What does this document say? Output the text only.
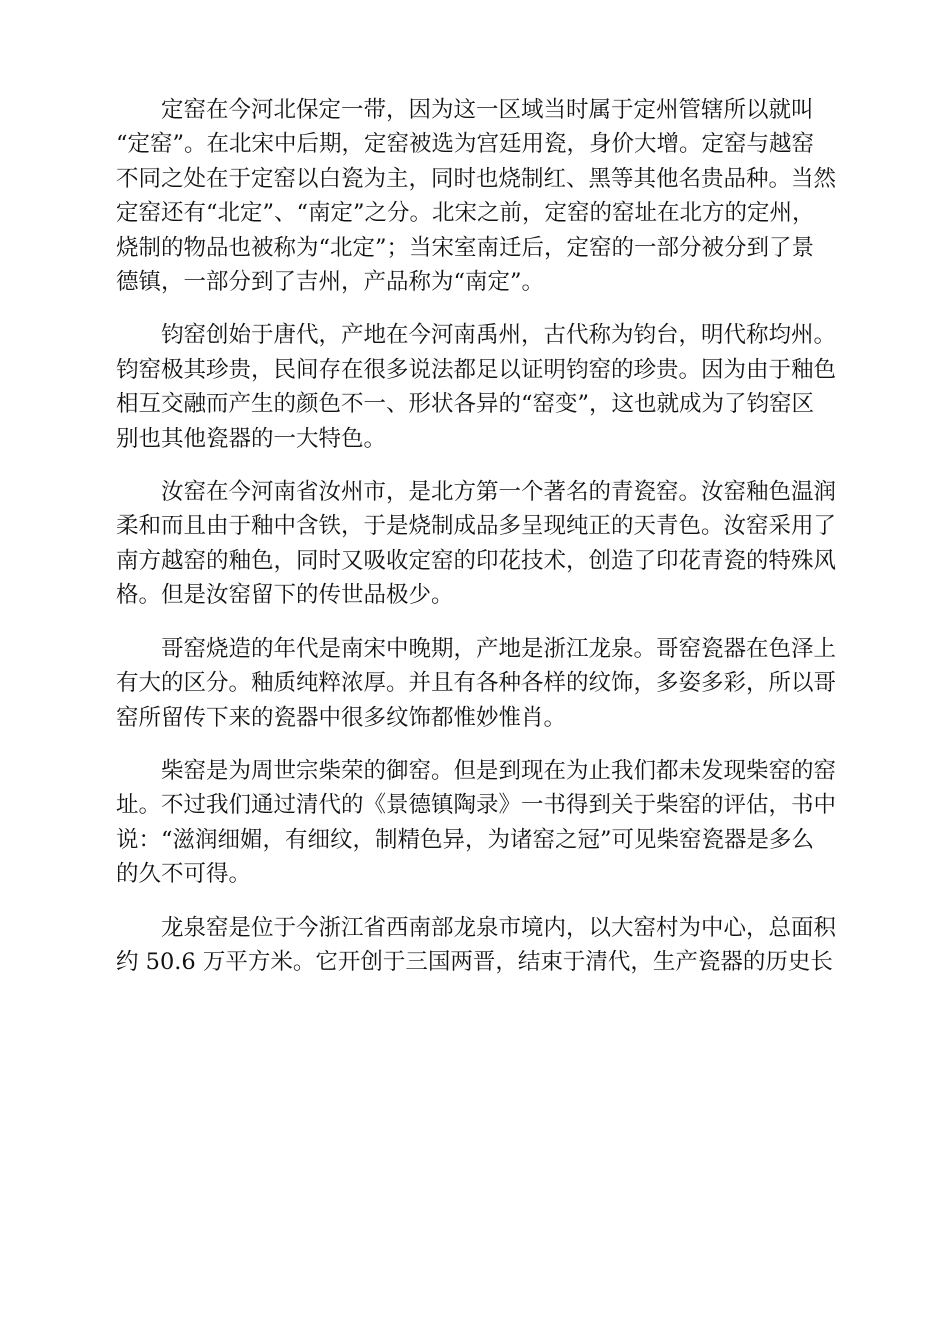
定窑在今河北保定一带，因为这一区域当时属于定州管辖所以就叫
“定窑”。在北宋中后期，定窑被选为宫廷用瓷，身价大增。定窑与越窑
不同之处在于定窑以白瓷为主，同时也烧制红、黑等其他名贵品种。当然
定窑还有“北定”、“南定”之分。北宋之前，定窑的窑址在北方的定州，
烧制的物品也被称为“北定”；当宋室南迁后，定窑的一部分被分到了景
德镇，一部分到了吉州，产品称为“南定”。

钧窑创始于唐代，产地在今河南禹州，古代称为钧台，明代称均州。
钧窑极其珍贵，民间存在很多说法都足以证明钧窑的珍贵。因为由于釉色
相互交融而产生的颜色不一、形状各异的“窑变”，这也就成为了钧窑区
别也其他瓷器的一大特色。

汝窑在今河南省汝州市，是北方第一个著名的青瓷窑。汝窑釉色温润
柔和而且由于釉中含铁，于是烧制成品多呈现纯正的天青色。汝窑采用了
南方越窑的釉色，同时又吸收定窑的印花技术，创造了印花青瓷的特殊风
格。但是汝窑留下的传世品极少。

哥窑烧造的年代是南宋中晚期，产地是浙江龙泉。哥窑瓷器在色泽上
有大的区分。釉质纯粹浓厚。并且有各种各样的纹饰，多姿多彩，所以哥
窑所留传下来的瓷器中很多纹饰都惟妙惟肖。

柴窑是为周世宗柴荣的御窑。但是到现在为止我们都未发现柴窑的窑
址。不过我们通过清代的《景德镇陶录》一书得到关于柴窑的评估，书中
说：“滋润细媚，有细纹，制精色异，为诸窑之冠”可见柴窑瓷器是多么
的久不可得。

龙泉窑是位于今浙江省西南部龙泉市境内，以大窑村为中心，总面积
约 50.6 万平方米。它开创于三国两晋，结束于清代，生产瓷器的历史长
